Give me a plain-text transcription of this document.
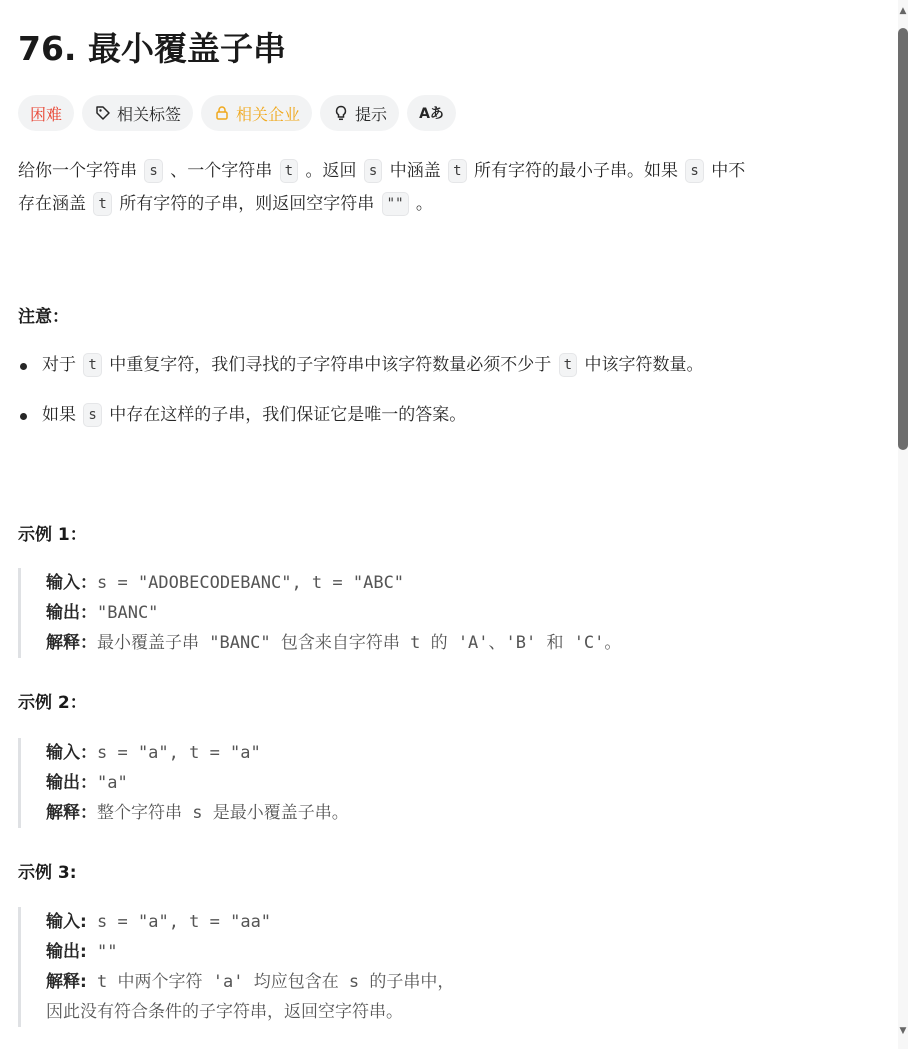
76. 最小覆盖子串
困难	相关标签	相关企业	提示 Aあ

给你一个字符串 s 、一个字符串 t 。返回 s 中涵盖 t 所有字符的最小子串。如果 s 中不

存在涵盖 t 所有字符的子串，则返回空字符串 "" 。

注意：

对于 t 中重复字符，我们寻找的子字符串中该字符数量必须不少于 t 中该字符数量。
如果 s 中存在这样的子串，我们保证它是唯一的答案。

示例 1：

输入：s = "ADOBECODEBANC", t = "ABC"
输出："BANC"
解释：最小覆盖子串 "BANC" 包含来自字符串 t 的 'A'、'B' 和 'C'。

示例 2：

输入：s = "a", t = "a"
输出："a"
解释：整个字符串 s 是最小覆盖子串。

示例 3:

输入: s = "a", t = "aa"
输出: ""
解释: t 中两个字符 'a' 均应包含在 s 的子串中，
因此没有符合条件的子字符串，返回空字符串。
▲
▼
